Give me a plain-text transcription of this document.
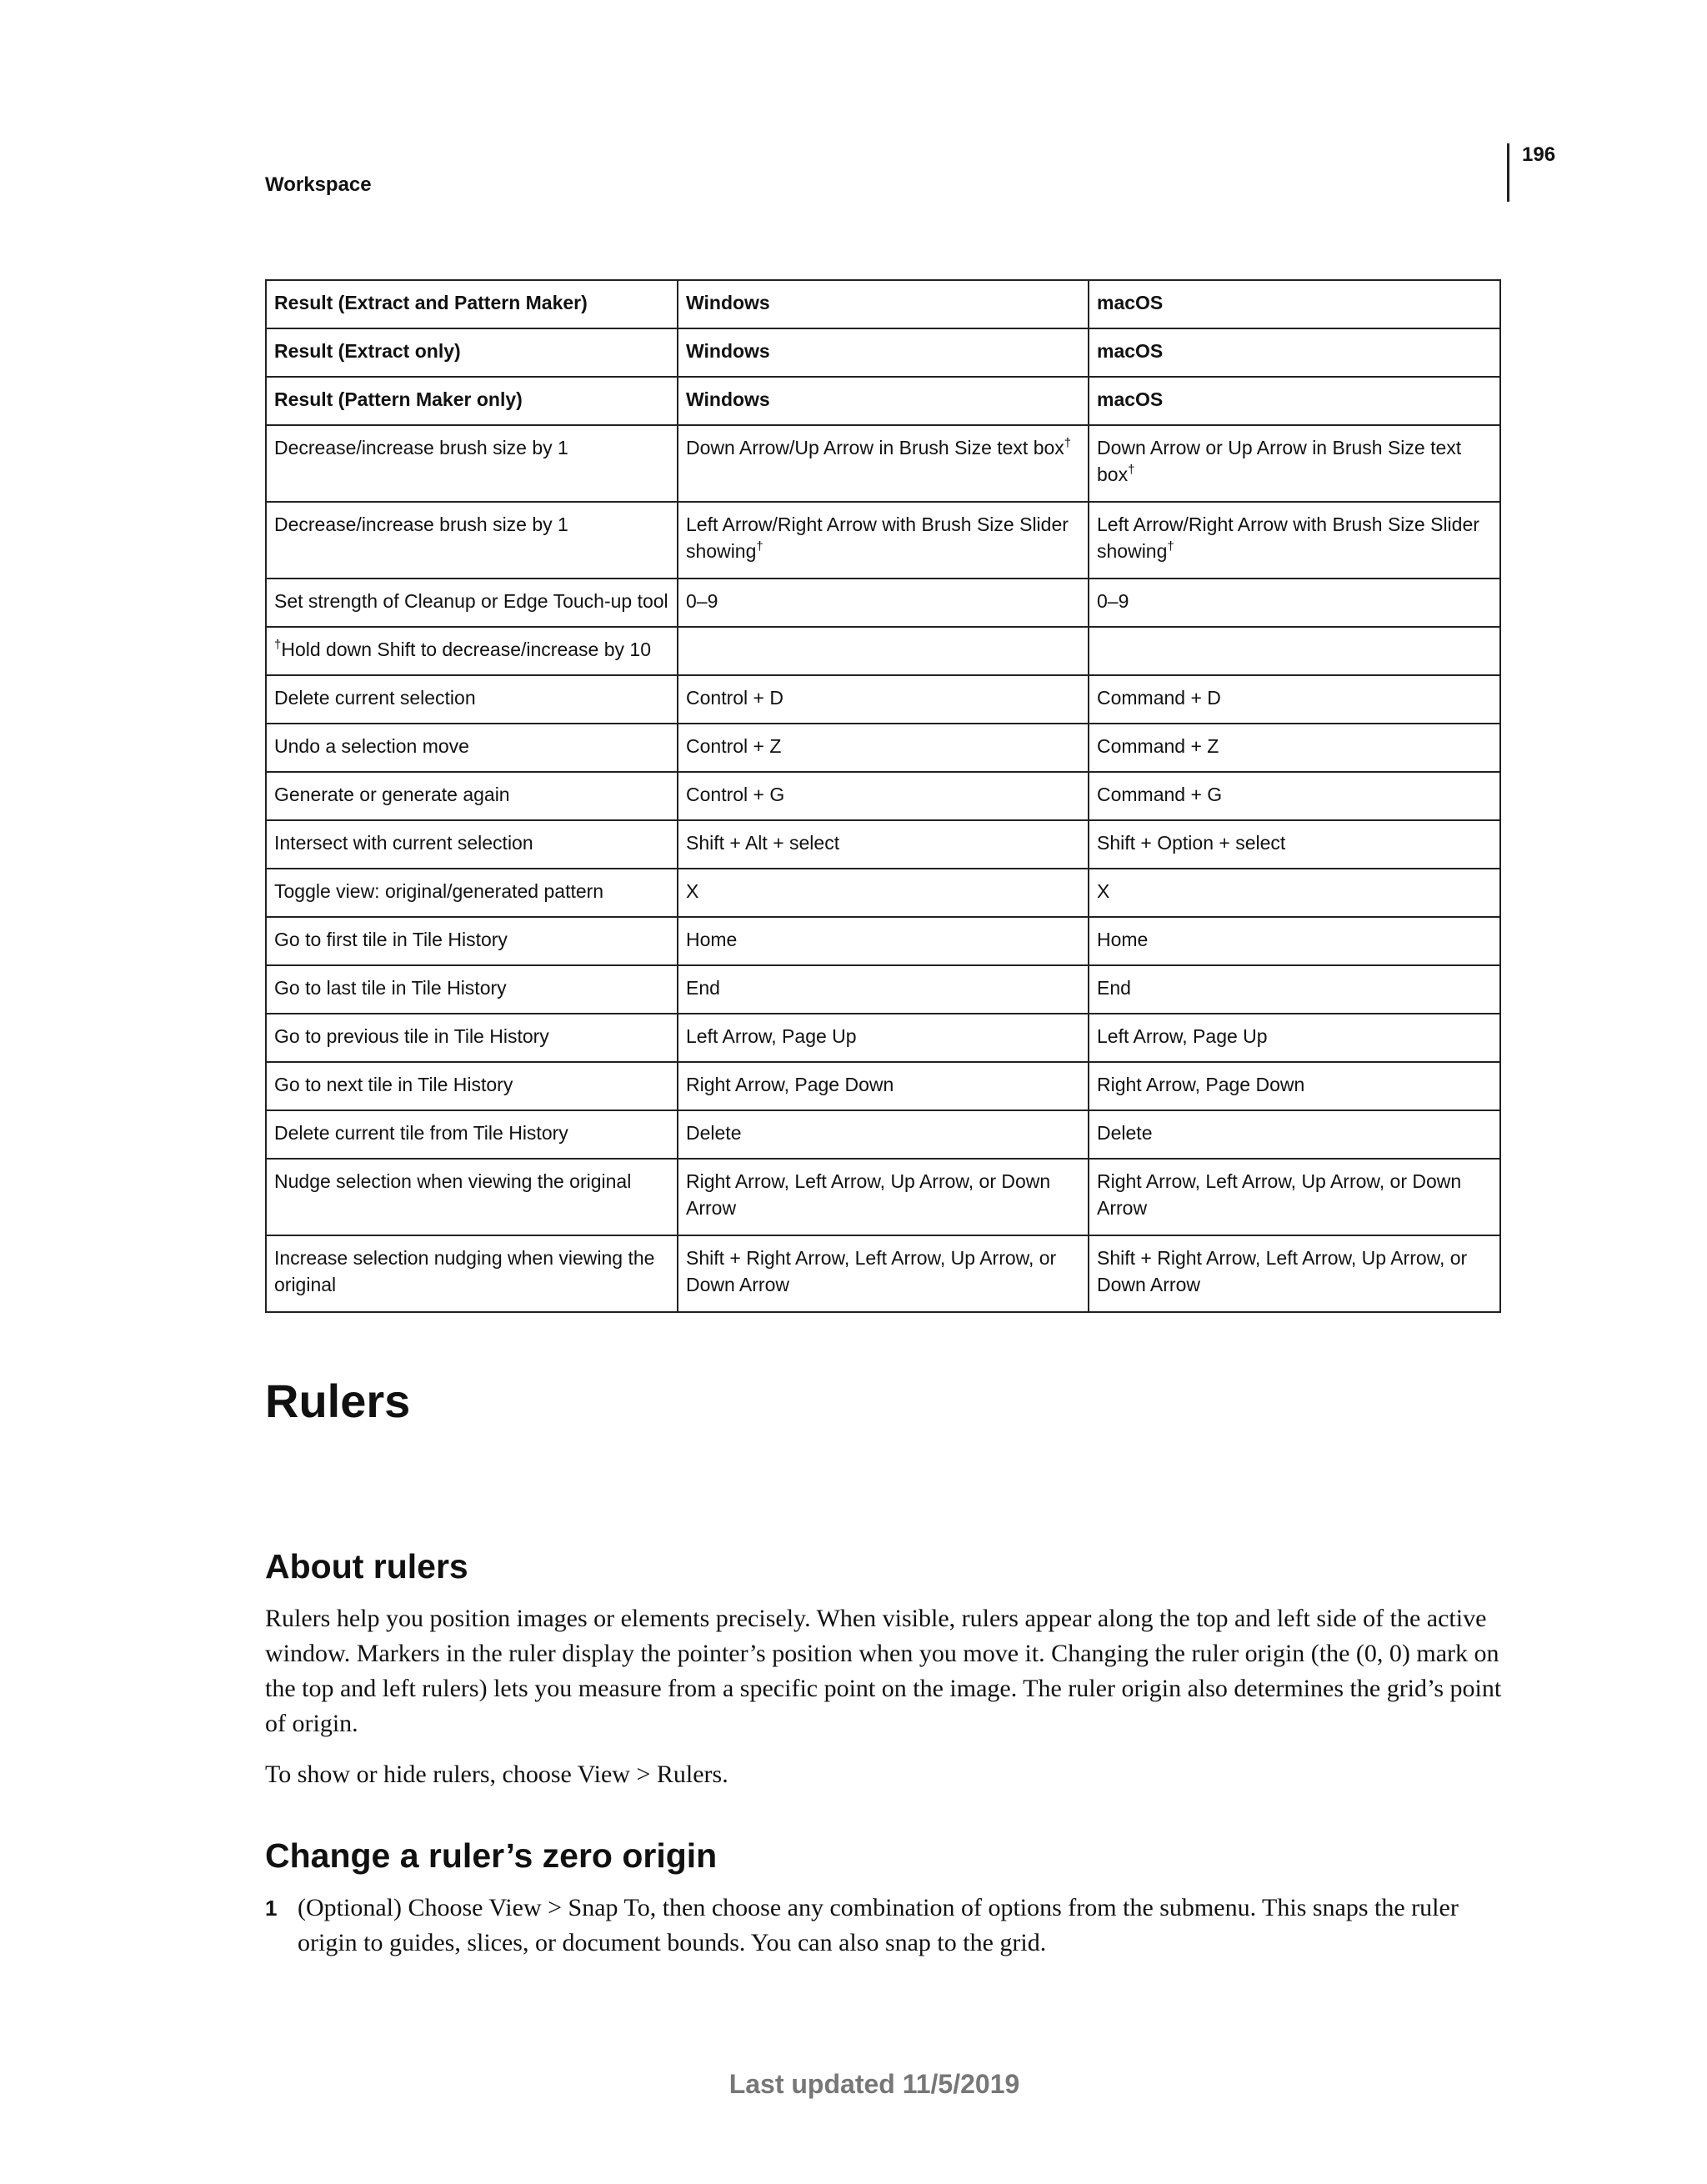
Workspace
196
Result (Extract and Pattern Maker)	Windows	macOS
Result (Extract only)	Windows	macOS
Result (Pattern Maker only)	Windows	macOS
Decrease/increase brush size by 1	Down Arrow/Up Arrow in Brush Size text box†	Down Arrow or Up Arrow in Brush Size text box†
Decrease/increase brush size by 1	Left Arrow/Right Arrow with Brush Size Slider showing†	Left Arrow/Right Arrow with Brush Size Slider showing†
Set strength of Cleanup or Edge Touch-up tool	0–9	0–9
†Hold down Shift to decrease/increase by 10		
Delete current selection	Control + D	Command + D
Undo a selection move	Control + Z	Command + Z
Generate or generate again	Control + G	Command + G
Intersect with current selection	Shift + Alt + select	Shift + Option + select
Toggle view: original/generated pattern	X	X
Go to first tile in Tile History	Home	Home
Go to last tile in Tile History	End	End
Go to previous tile in Tile History	Left Arrow, Page Up	Left Arrow, Page Up
Go to next tile in Tile History	Right Arrow, Page Down	Right Arrow, Page Down
Delete current tile from Tile History	Delete	Delete
Nudge selection when viewing the original	Right Arrow, Left Arrow, Up Arrow, or Down Arrow	Right Arrow, Left Arrow, Up Arrow, or Down Arrow
Increase selection nudging when viewing the original	Shift + Right Arrow, Left Arrow, Up Arrow, or Down Arrow	Shift + Right Arrow, Left Arrow, Up Arrow, or Down Arrow
Rulers
About rulers

Rulers help you position images or elements precisely. When visible, rulers appear along the top and left side of the active window. Markers in the ruler display the pointer’s position when you move it. Changing the ruler origin (the (0, 0) mark on the top and left rulers) lets you measure from a specific point on the image. The ruler origin also determines the grid’s point of origin.

To show or hide rulers, choose View > Rulers.

Change a ruler’s zero origin
1 (Optional) Choose View > Snap To, then choose any combination of options from the submenu. This snaps the ruler origin to guides, slices, or document bounds. You can also snap to the grid.
Last updated 11/5/2019
